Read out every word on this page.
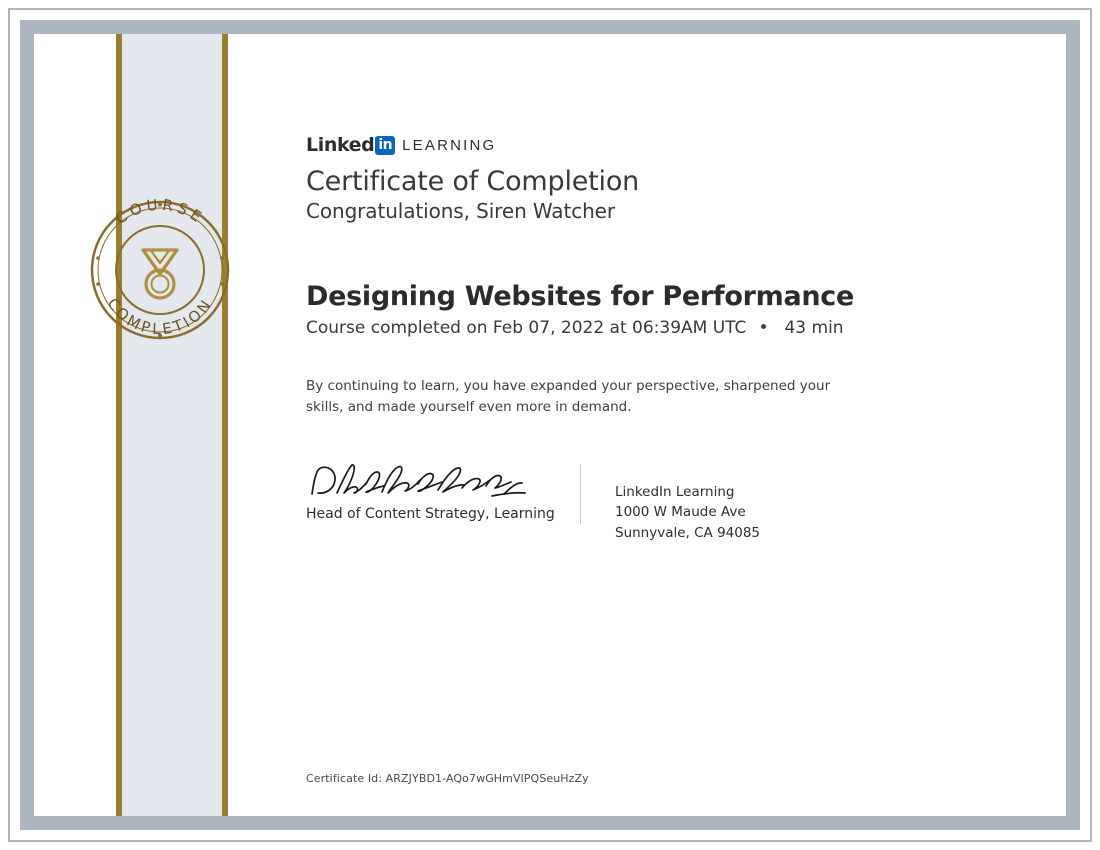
COURSE
COMPLETION
Linked in LEARNING
Certificate of Completion

Congratulations, Siren Watcher

Designing Websites for Performance

Course completed on Feb 07, 2022 at 06:39AM UTC • 43 min

By continuing to learn, you have expanded your perspective, sharpened your skills, and made yourself even more in demand.

Head of Content Strategy, Learning
LinkedIn Learning
1000 W Maude Ave
Sunnyvale, CA 94085
Certificate Id: ARZJYBD1-AQo7wGHmVlPQSeuHzZy
